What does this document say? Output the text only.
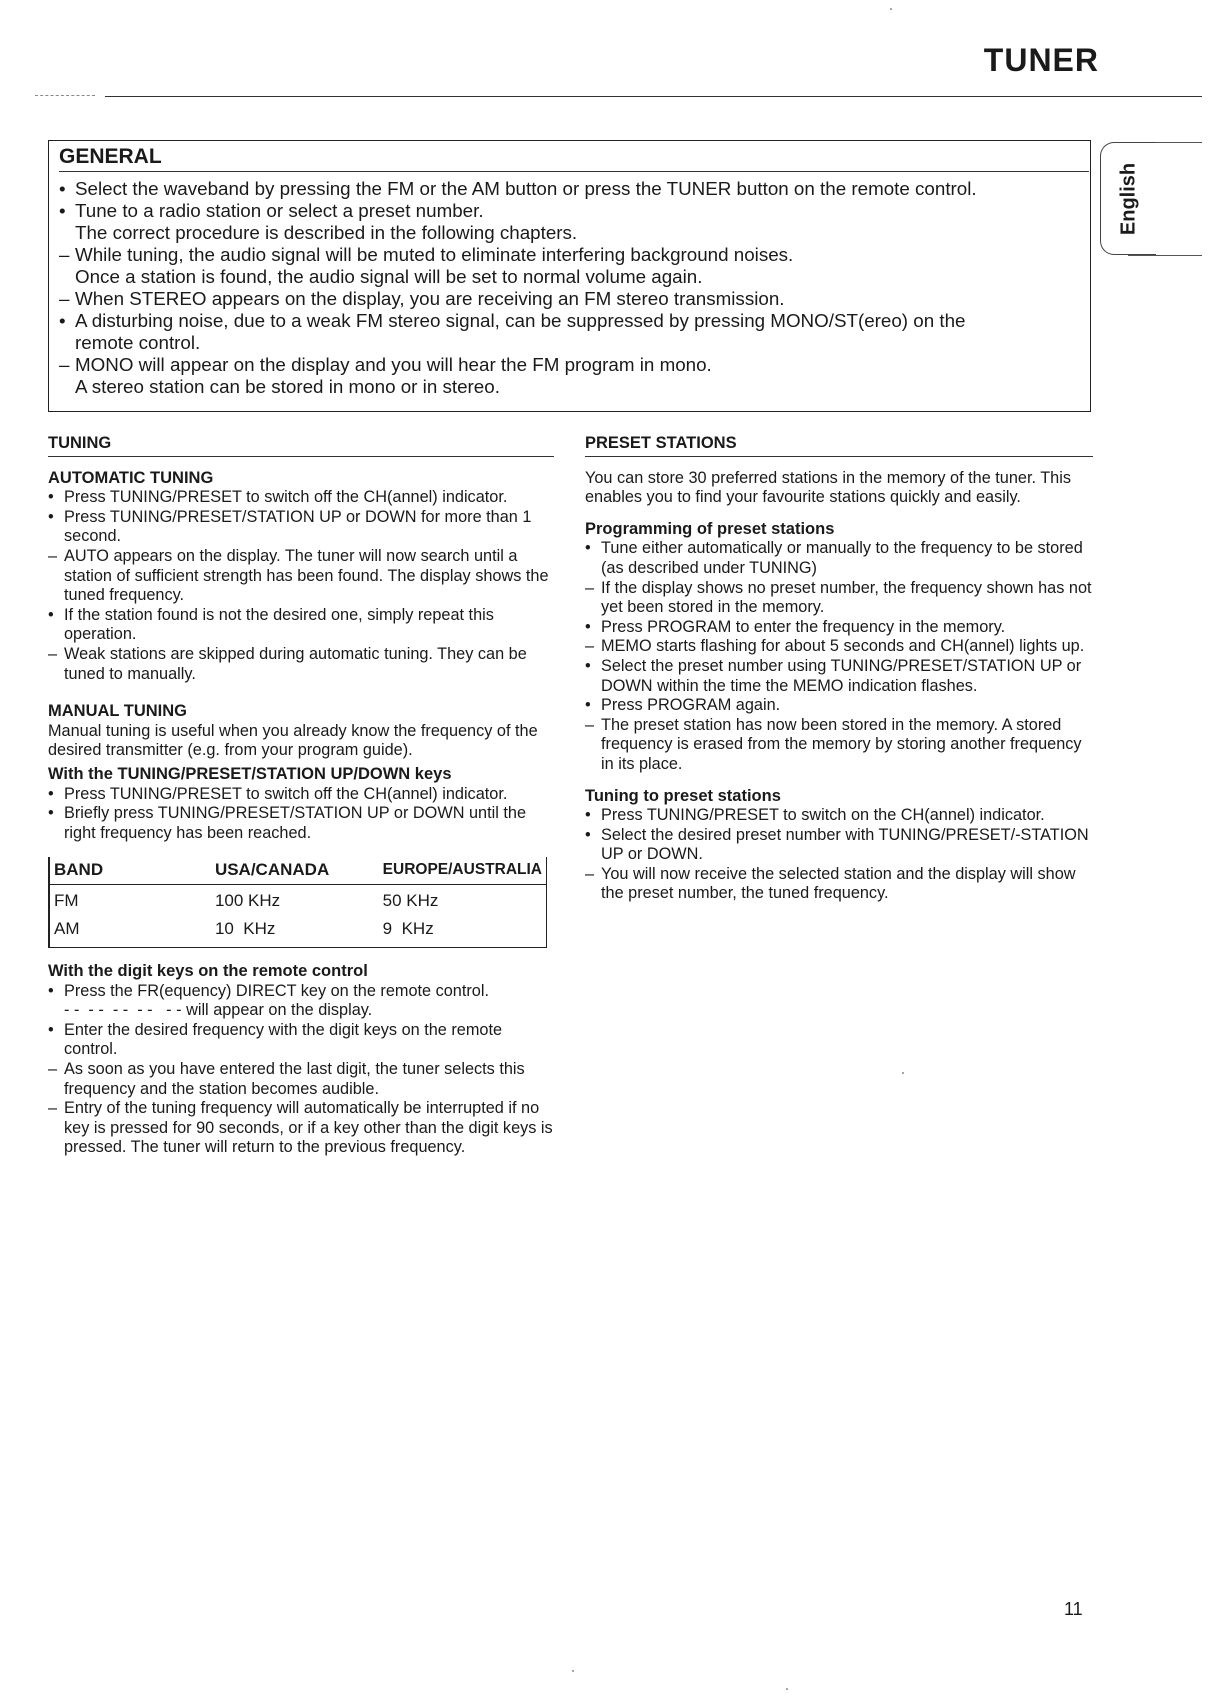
TUNER
English
GENERAL
• Select the waveband by pressing the FM or the AM button or press the TUNER button on the remote control.
• Tune to a radio station or select a preset number.
The correct procedure is described in the following chapters.
– While tuning, the audio signal will be muted to eliminate interfering background noises.
Once a station is found, the audio signal will be set to normal volume again.
– When STEREO appears on the display, you are receiving an FM stereo transmission.
• A disturbing noise, due to a weak FM stereo signal, can be suppressed by pressing MONO/ST(ereo) on the
remote control.
– MONO will appear on the display and you will hear the FM program in mono.
A stereo station can be stored in mono or in stereo.
TUNING
AUTOMATIC TUNING
• Press TUNING/PRESET to switch off the CH(annel) indicator.
• Press TUNING/PRESET/STATION UP or DOWN for more than 1 second.
– AUTO appears on the display. The tuner will now search until a station of sufficient strength has been found. The display shows the tuned frequency.
• If the station found is not the desired one, simply repeat this operation.
– Weak stations are skipped during automatic tuning. They can be tuned to manually.
MANUAL TUNING
Manual tuning is useful when you already know the frequency of the desired transmitter (e.g. from your program guide).
With the TUNING/PRESET/STATION UP/DOWN keys
• Press TUNING/PRESET to switch off the CH(annel) indicator.
• Briefly press TUNING/PRESET/STATION UP or DOWN until the right frequency has been reached.
BAND	USA/CANADA	EUROPE/AUSTRALIA
FM	100 KHz	50 KHz
AM	10  KHz	9  KHz
With the digit keys on the remote control
• Press the FR(equency) DIRECT key on the remote control.
- -  - -  - -  - -   - - will appear on the display.
• Enter the desired frequency with the digit keys on the remote control.
– As soon as you have entered the last digit, the tuner selects this frequency and the station becomes audible.
– Entry of the tuning frequency will automatically be interrupted if no key is pressed for 90 seconds, or if a key other than the digit keys is pressed. The tuner will return to the previous frequency.
PRESET STATIONS
You can store 30 preferred stations in the memory of the tuner. This enables you to find your favourite stations quickly and easily.
Programming of preset stations
• Tune either automatically or manually to the frequency to be stored (as described under TUNING)
– If the display shows no preset number, the frequency shown has not yet been stored in the memory.
• Press PROGRAM to enter the frequency in the memory.
– MEMO starts flashing for about 5 seconds and CH(annel) lights up.
• Select the preset number using TUNING/PRESET/STATION UP or DOWN within the time the MEMO indication flashes.
• Press PROGRAM again.
– The preset station has now been stored in the memory. A stored frequency is erased from the memory by storing another frequency in its place.
Tuning to preset stations
• Press TUNING/PRESET to switch on the CH(annel) indicator.
• Select the desired preset number with TUNING/PRESET/-STATION UP or DOWN.
– You will now receive the selected station and the display will show the preset number, the tuned frequency.
11
